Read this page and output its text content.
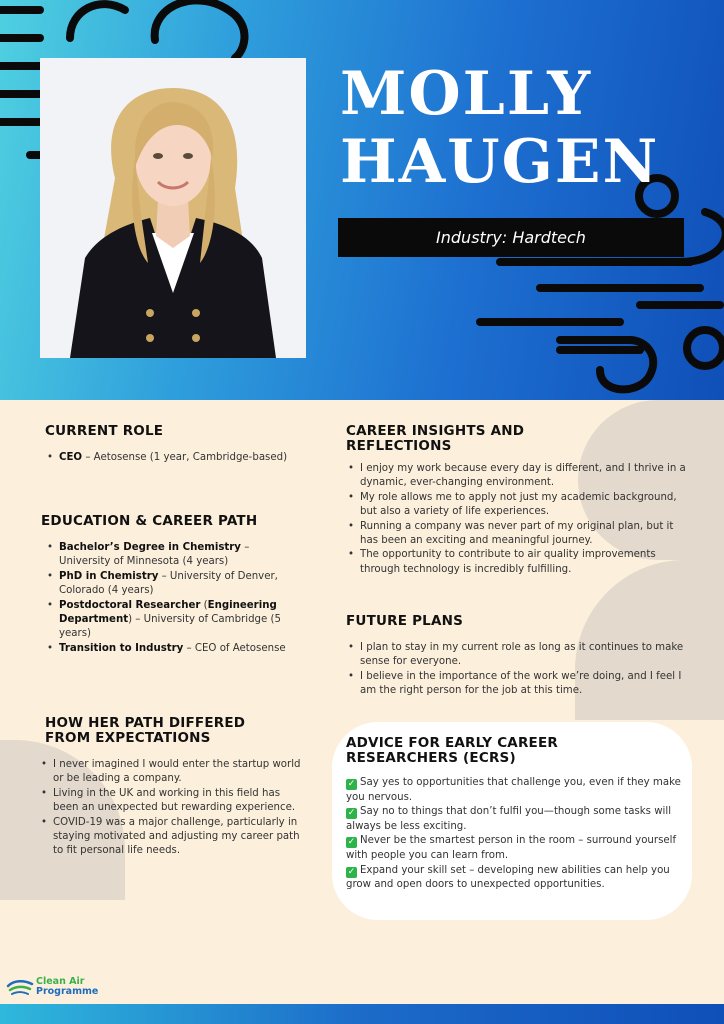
MOLLY
HAUGEN
Industry: Hardtech
CURRENT ROLE
• CEO – Aetosense (1 year, Cambridge-based)
EDUCATION & CAREER PATH
• Bachelor’s Degree in Chemistry – University of Minnesota (4 years)
• PhD in Chemistry – University of Denver, Colorado (4 years)
• Postdoctoral Researcher (Engineering Department) – University of Cambridge (5 years)
• Transition to Industry – CEO of Aetosense
HOW HER PATH DIFFERED
FROM EXPECTATIONS
• I never imagined I would enter the startup world or be leading a company.
• Living in the UK and working in this field has been an unexpected but rewarding experience.
• COVID-19 was a major challenge, particularly in staying motivated and adjusting my career path to fit personal life needs.
CAREER INSIGHTS AND
REFLECTIONS
• I enjoy my work because every day is different, and I thrive in a dynamic, ever-changing environment.
• My role allows me to apply not just my academic background, but also a variety of life experiences.
• Running a company was never part of my original plan, but it has been an exciting and meaningful journey.
• The opportunity to contribute to air quality improvements through technology is incredibly fulfilling.
FUTURE PLANS
• I plan to stay in my current role as long as it continues to make sense for everyone.
• I believe in the importance of the work we’re doing, and I feel I am the right person for the job at this time.
ADVICE FOR EARLY CAREER
RESEARCHERS (ECRS)

✓ Say yes to opportunities that challenge you, even if they make you nervous.

✓ Say no to things that don’t fulfil you—though some tasks will always be less exciting.

✓ Never be the smartest person in the room – surround yourself with people you can learn from.

✓ Expand your skill set – developing new abilities can help you grow and open doors to unexpected opportunities.

Clean Air
Programme
